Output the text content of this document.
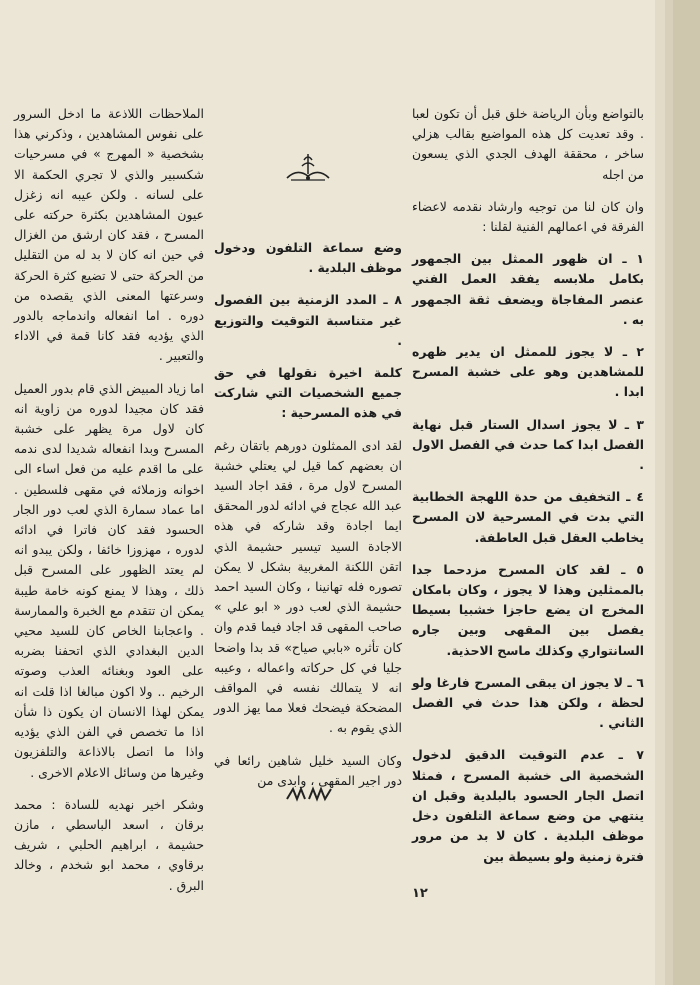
بالتواضع وبأن الرياضة خلق قبل أن تكون لعبا . وقد تعديت كل هذه المواضيع بقالب هزلي ساخر ، محققة الهدف الجدي الذي يسعون من اجله

وان كان لنا من توجيه وارشاد نقدمه لاعضاء الفرقة في اعمالهم الفنية لقلنا :

١ ـ ان ظهور الممثل بين الجمهور بكامل ملابسه يفقد العمل الفني عنصر المفاجاة ويضعف ثقة الجمهور به .

٢ ـ لا يجوز للممثل ان يدير ظهره للمشاهدين وهو على خشبة المسرح ابدا .

٣ ـ لا يجوز اسدال الستار قبل نهاية الفصل ابدا كما حدث في الفصل الاول .

٤ ـ التخفيف من حدة اللهجة الخطابية التي بدت في المسرحية لان المسرح يخاطب العقل قبل العاطفة.

٥ ـ لقد كان المسرح مزدحما جدا بالممثلين وهذا لا يجوز ، وكان بامكان المخرج ان يضع حاجزا خشبيا بسيطا يفصل بين المقهى وبين جاره السانتواري وكذلك ماسح الاحذية.

٦ ـ لا يجوز ان يبقى المسرح فارغا ولو لحظة ، ولكن هذا حدث في الفصل الثاني .

٧ ـ عدم التوقيت الدقيق لدخول الشخصية الى خشبة المسرح ، فمثلا اتصل الجار الحسود بالبلدية وقبل ان ينتهي من وضع سماعة التلفون دخل موظف البلدية . كان لا بد من مرور فترة زمنية ولو بسيطة بين

وضع سماعة التلفون ودخول موظف البلدية .

٨ ـ المدد الزمنية بين الفصول غير متناسبة التوقيت والتوزيع .

كلمة اخيرة نقولها في حق جميع الشخصيات التي شاركت في هذه المسرحية :

لقد ادى الممثلون دورهم باتقان رغم ان بعضهم كما قيل لي يعتلي خشبة المسرح لاول مرة ، فقد اجاد السيد عبد الله عجاج في ادائه لدور المحقق ايما اجادة وقد شاركه في هذه الاجادة السيد تيسير حشيمة الذي اتقن اللكنة المغربية بشكل لا يمكن تصوره فله تهانينا ، وكان السيد احمد حشيمة الذي لعب دور « ابو علي » صاحب المقهى قد اجاد فيما قدم وان كان تأثره «بابي صياح» قد بدا واضحا جليا في كل حركاته واعماله ، وعيبه انه لا يتمالك نفسه في المواقف المضحكة فيضحك فعلا مما يهز الدور الذي يقوم به .

وكان السيد خليل شاهين رائعا في دور اجير المقهى ، وابدى من

الملاحظات اللاذعة ما ادخل السرور على نفوس المشاهدين ، وذكرني هذا بشخصية « المهرج » في مسرحيات شكسبير والذي لا تجري الحكمة الا على لسانه . ولكن عيبه انه زغزل عيون المشاهدين بكثرة حركته على المسرح ، فقد كان ارشق من الغزال في حين انه كان لا بد له من التقليل من الحركة حتى لا تضيع كثرة الحركة وسرعتها المعنى الذي يقصده من دوره . اما انفعاله واندماجه بالدور الذي يؤديه فقد كانا قمة في الاداء والتعبير .

اما زياد المبيض الذي قام بدور العميل فقد كان مجيدا لدوره من زاوية انه كان لاول مرة يظهر على خشبة المسرح وبدا انفعاله شديدا لدى ندمه على ما اقدم عليه من فعل اساء الى اخوانه وزملائه في مقهى فلسطين . اما عماد سمارة الذي لعب دور الجار الحسود فقد كان فاترا في ادائه لدوره ، مهزوزا خائفا ، ولكن يبدو انه لم يعتد الظهور على المسرح قبل ذلك ، وهذا لا يمنع كونه خامة طيبة يمكن ان تتقدم مع الخبرة والممارسة . واعجابنا الخاص كان للسيد محيي الدين البغدادي الذي اتحفنا بضربه على العود وبغنائه العذب وصوته الرخيم .. ولا اكون مبالغا اذا قلت انه يمكن لهذا الانسان ان يكون ذا شأن اذا ما تخصص في الفن الذي يؤديه واذا ما اتصل بالاذاعة والتلفزيون وغيرها من وسائل الاعلام الاخرى .

وشكر اخير نهديه للسادة : محمد برقان ، اسعد الباسطي ، مازن حشيمة ، ابراهيم الحلبي ، شريف برقاوي ، محمد ابو شخدم ، وخالد البرق .

١٢
